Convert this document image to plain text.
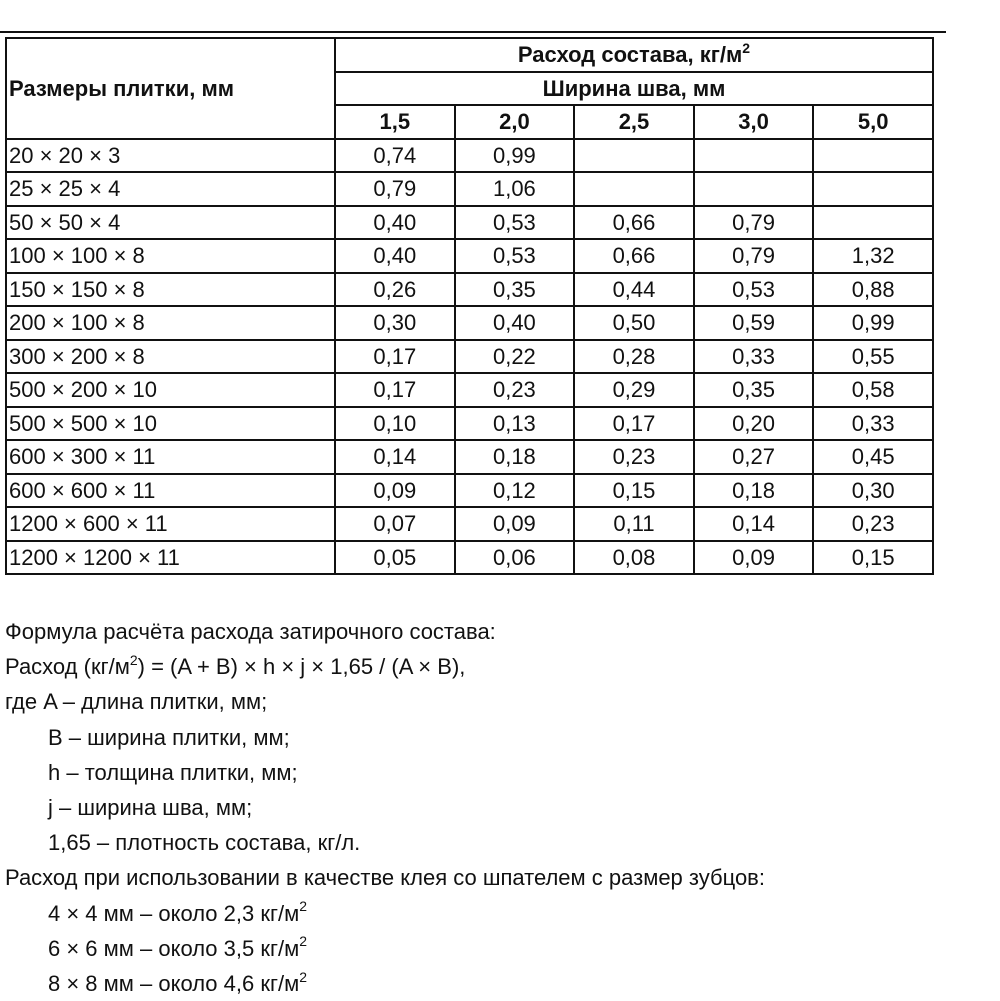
Размеры плитки, мм	Расход состава, $кг/м^2$
	Ширина шва, мм				
	1,5	2,0	2,5	3,0	5,0
20 × 20 × 3	0,74	0,99			
25 × 25 × 4	0,79	1,06			
50 × 50 × 4	0,40	0,53	0,66	0,79	
100 × 100 × 8	0,40	0,53	0,66	0,79	1,32
150 × 150 × 8	0,26	0,35	0,44	0,53	0,88
200 × 100 × 8	0,30	0,40	0,50	0,59	0,99
300 × 200 × 8	0,17	0,22	0,28	0,33	0,55
500 × 200 × 10	0,17	0,23	0,29	0,35	0,58
500 × 500 × 10	0,10	0,13	0,17	0,20	0,33
600 × 300 × 11	0,14	0,18	0,23	0,27	0,45
600 × 600 × 11	0,09	0,12	0,15	0,18	0,30
1200 × 600 × 11	0,07	0,09	0,11	0,14	0,23
1200 × 1200 × 11	0,05	0,06	0,08	0,09	0,15
Формула расчёта расхода затирочного состава:
Расход $(кг/м^2) = (A + B) \times h \times j \times 1,65 / (A \times B)$,
где A – длина плитки, мм;
B – ширина плитки, мм;
h – толщина плитки, мм;
j – ширина шва, мм;
1,65 – плотность состава, кг/л.
Расход при использовании в качестве клея со шпателем с размер зубцов:
4 × 4 мм – около 2,3 $кг/м^2$
6 × 6 мм – около 3,5 $кг/м^2$
8 × 8 мм – около 4,6 $кг/м^2$
